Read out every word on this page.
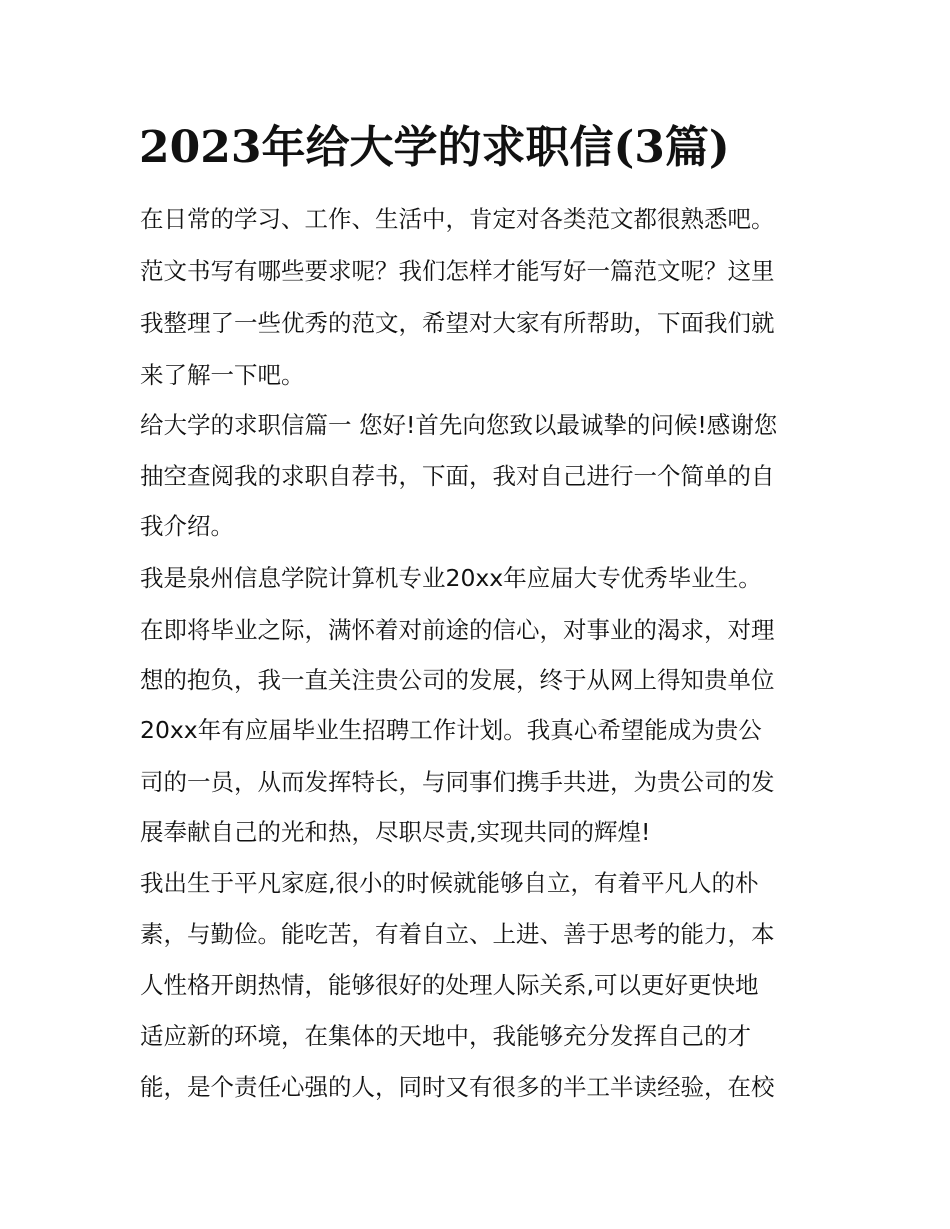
2023年给大学的求职信(3篇)
在日常的学习、工作、生活中，肯定对各类范文都很熟悉吧。
范文书写有哪些要求呢？我们怎样才能写好一篇范文呢？这里
我整理了一些优秀的范文，希望对大家有所帮助，下面我们就
来了解一下吧。
给大学的求职信篇一 您好!首先向您致以最诚挚的问候!感谢您
抽空查阅我的求职自荐书，下面，我对自己进行一个简单的自
我介绍。
我是泉州信息学院计算机专业20xx年应届大专优秀毕业生。
在即将毕业之际，满怀着对前途的信心，对事业的渴求，对理
想的抱负，我一直关注贵公司的发展，终于从网上得知贵单位
20xx年有应届毕业生招聘工作计划。我真心希望能成为贵公
司的一员，从而发挥特长，与同事们携手共进，为贵公司的发
展奉献自己的光和热，尽职尽责,实现共同的辉煌!
我出生于平凡家庭,很小的时候就能够自立，有着平凡人的朴
素，与勤俭。能吃苦，有着自立、上进、善于思考的能力，本
人性格开朗热情，能够很好的处理人际关系,可以更好更快地
适应新的环境，在集体的天地中，我能够充分发挥自己的才
能，是个责任心强的人，同时又有很多的半工半读经验，在校
